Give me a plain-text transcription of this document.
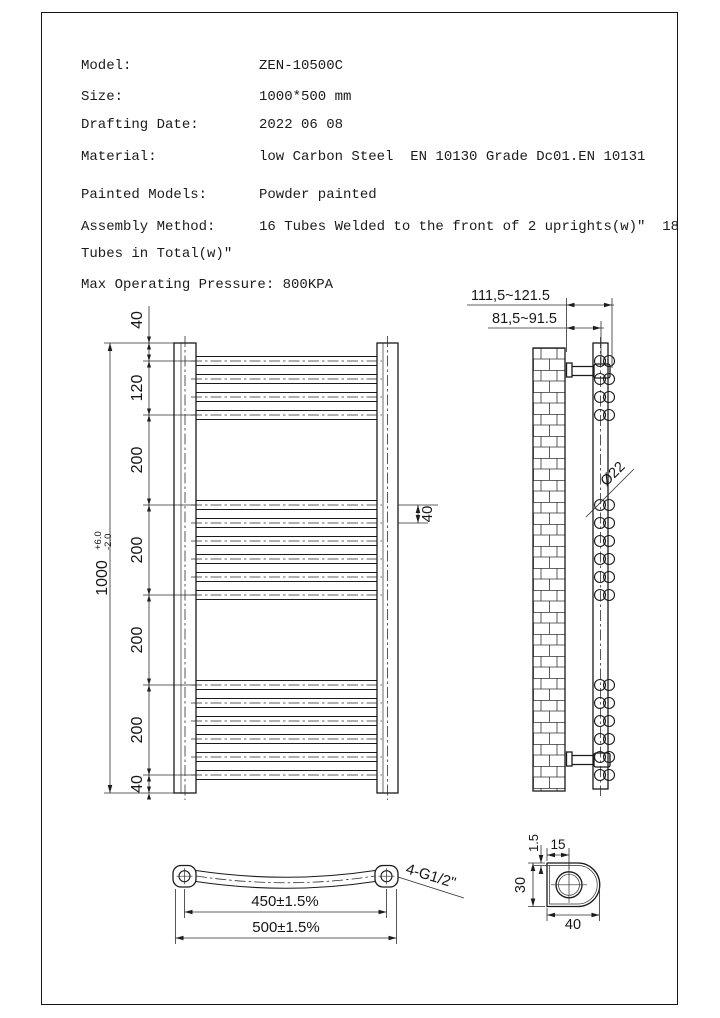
Model:	ZEN-10500C
Size:	1000*500 mm
Drafting Date:	2022 06 08
Material:	low Carbon Steel  EN 10130 Grade Dc01.EN 10131
Painted Models:	Powder painted
Assembly Method:	16 Tubes Welded to the front of 2 uprights(w)"  18
Tubes in Total(w)"
Max Operating Pressure: 800KPA
40
40
120
200
200
200
200
40
1000
+6.0 -2.0
111,5~121.5
81,5~91.5
Ø22
450±1.5%
500±1.5%
4-G1/2"
40
30
15
1.5
